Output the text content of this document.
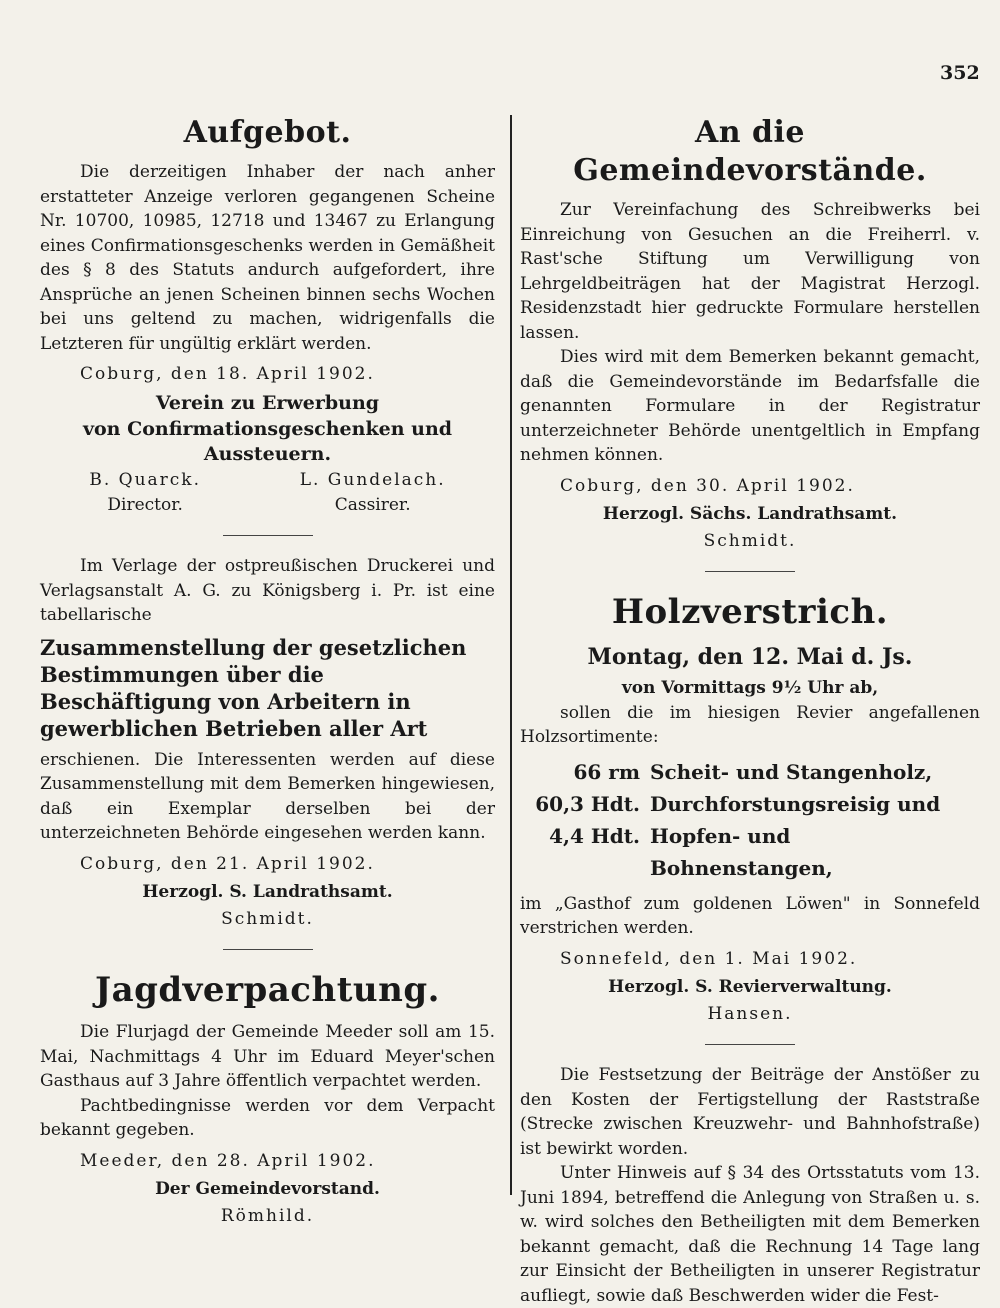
352
Aufgebot.

Die derzeitigen Inhaber der nach anher erstatteter Anzeige verloren gegangenen Scheine Nr. 10700, 10985, 12718 und 13467 zu Erlangung eines Confirmationsgeschenks werden in Gemäßheit des § 8 des Statuts andurch aufgefordert, ihre Ansprüche an jenen Scheinen binnen sechs Wochen bei uns geltend zu machen, widrigenfalls die Letzteren für ungültig erklärt werden.

Coburg, den 18. April 1902.

Verein zu Erwerbung

von Confirmationsgeschenken und Aussteuern.

B. Quarck.
Director.
L. Gundelach.
Cassirer.

Im Verlage der ostpreußischen Druckerei und Verlagsanstalt A. G. zu Königsberg i. Pr. ist eine tabellarische

Zusammenstellung der gesetzlichen Bestimmungen über die Beschäftigung von Arbeitern in gewerblichen Betrieben aller Art

erschienen. Die Interessenten werden auf diese Zusammenstellung mit dem Bemerken hingewiesen, daß ein Exemplar derselben bei der unterzeichneten Behörde eingesehen werden kann.

Coburg, den 21. April 1902.

Herzogl. S. Landrathsamt.

Schmidt.

Jagdverpachtung.

Die Flurjagd der Gemeinde Meeder soll am 15. Mai, Nachmittags 4 Uhr im Eduard Meyer'schen Gasthaus auf 3 Jahre öffentlich verpachtet werden.

Pachtbedingnisse werden vor dem Verpacht bekannt gegeben.

Meeder, den 28. April 1902.

Der Gemeindevorstand.

Römhild.

An die Gemeindevorstände.

Zur Vereinfachung des Schreibwerks bei Einreichung von Gesuchen an die Freiherrl. v. Rast'sche Stiftung um Verwilligung von Lehrgeldbeiträgen hat der Magistrat Herzogl. Residenzstadt hier gedruckte Formulare herstellen lassen.

Dies wird mit dem Bemerken bekannt gemacht, daß die Gemeindevorstände im Bedarfsfalle die genannten Formulare in der Registratur unterzeichneter Behörde unentgeltlich in Empfang nehmen können.

Coburg, den 30. April 1902.

Herzogl. Sächs. Landrathsamt.

Schmidt.

Holzverstrich.

Montag, den 12. Mai d. Js.

von Vormittags 9½ Uhr ab,

sollen die im hiesigen Revier angefallenen Holzsortimente:

66 rm Scheit- und Stangenholz,
60,3 Hdt. Durchforstungsreisig und
4,4 Hdt. Hopfen- und Bohnenstangen,

im „Gasthof zum goldenen Löwen" in Sonnefeld verstrichen werden.

Sonnefeld, den 1. Mai 1902.

Herzogl. S. Revierverwaltung.

Hansen.

Die Festsetzung der Beiträge der Anstößer zu den Kosten der Fertigstellung der Raststraße (Strecke zwischen Kreuzwehr- und Bahnhofstraße) ist bewirkt worden.

Unter Hinweis auf § 34 des Ortsstatuts vom 13. Juni 1894, betreffend die Anlegung von Straßen u. s. w. wird solches den Betheiligten mit dem Bemerken bekannt gemacht, daß die Rechnung 14 Tage lang zur Einsicht der Betheiligten in unserer Registratur aufliegt, sowie daß Beschwerden wider die Fest-
